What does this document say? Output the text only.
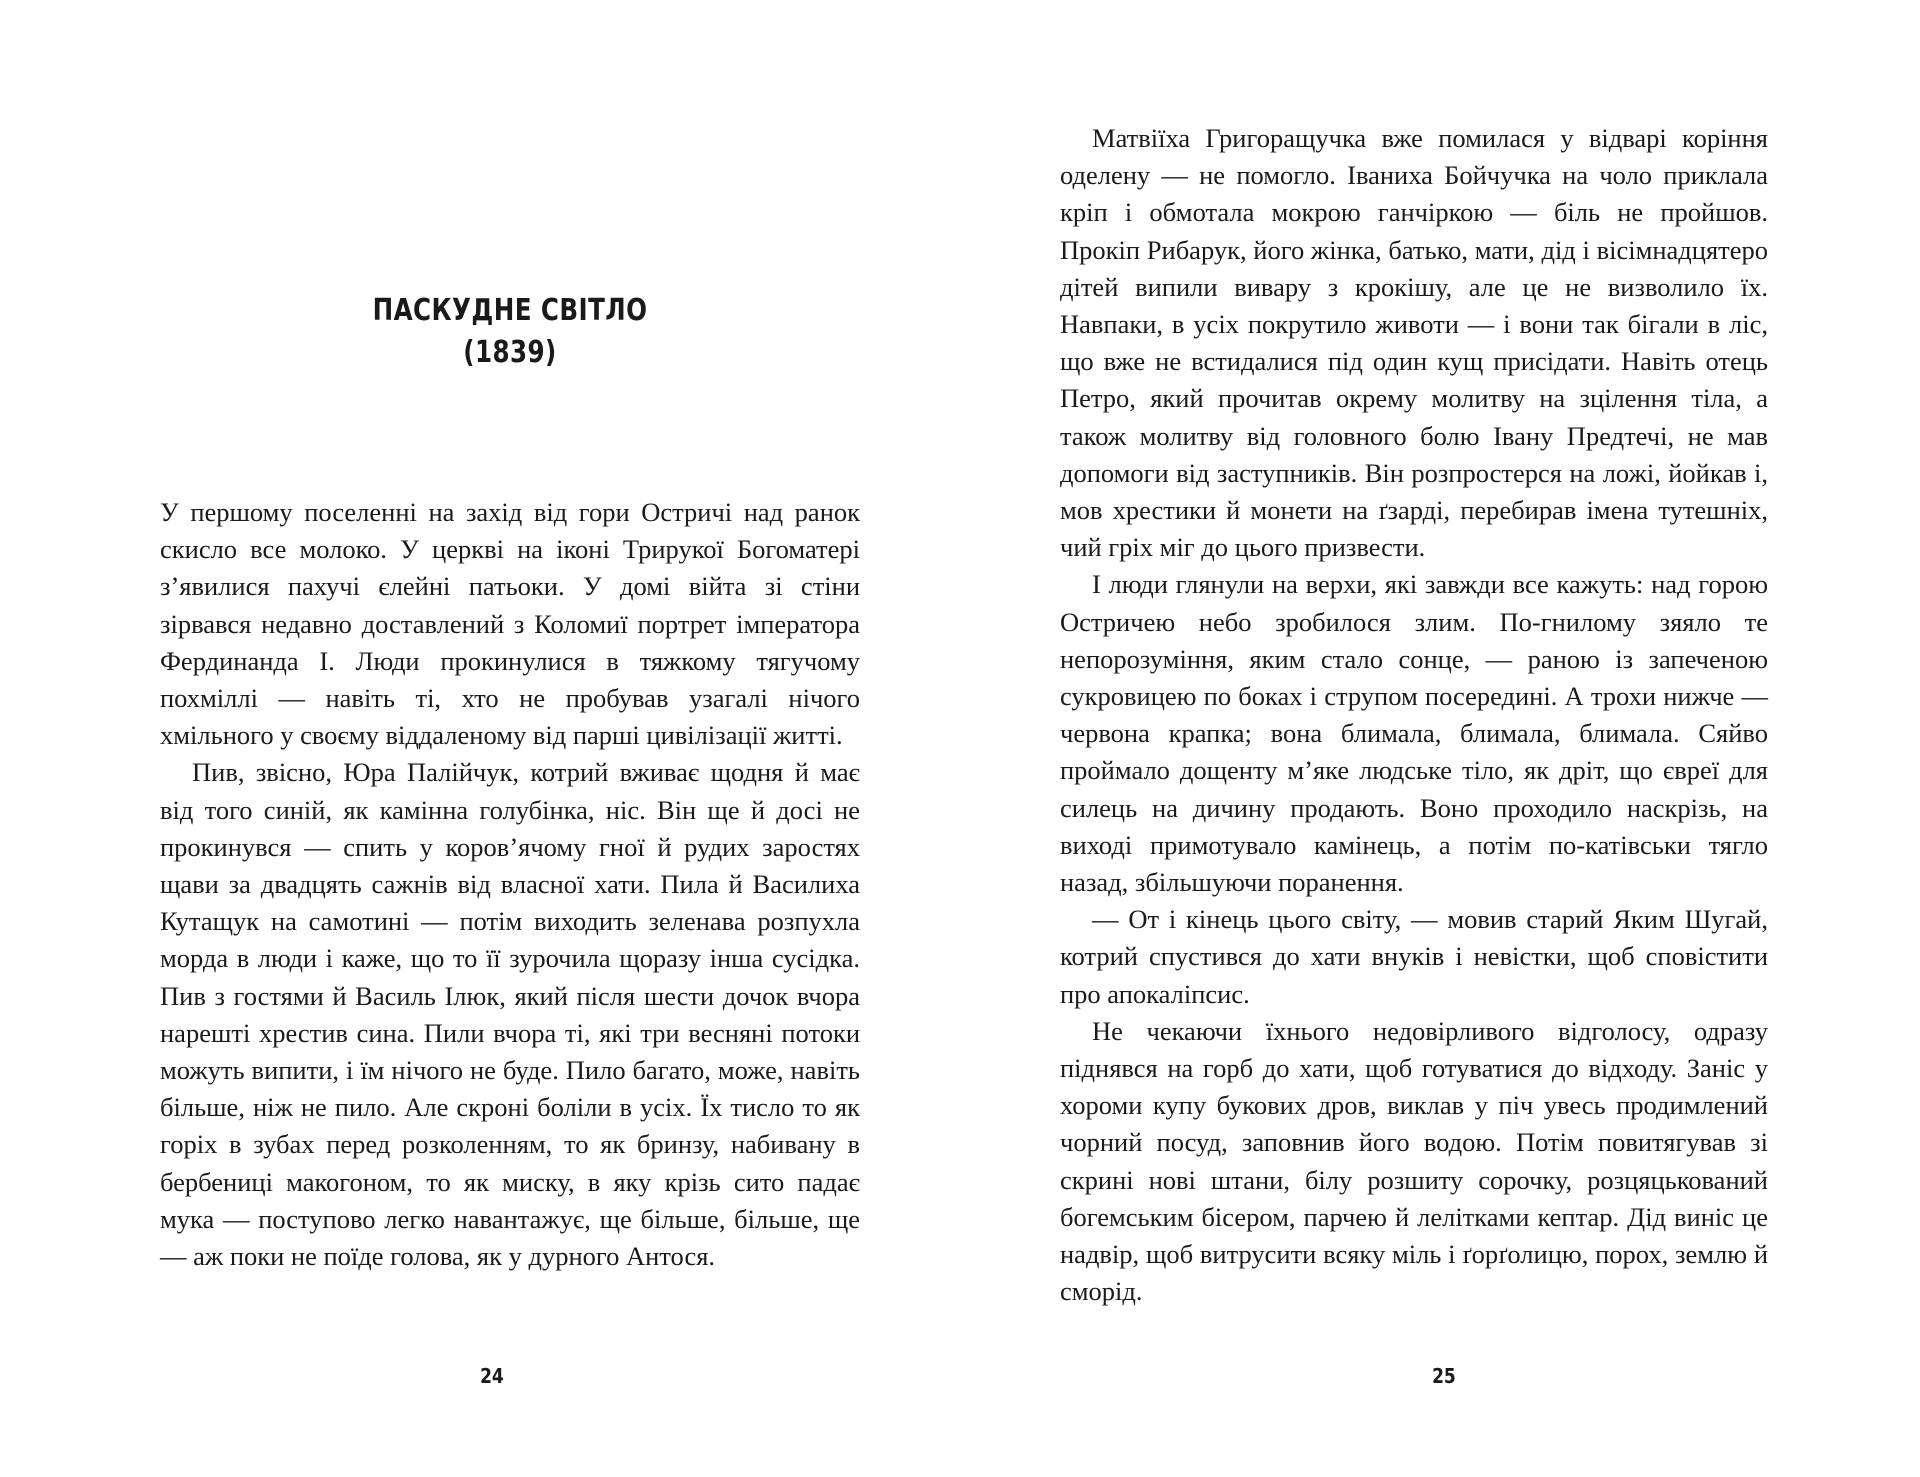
ПАСКУДНЕ СВІТЛО
(1839)

У першому поселенні на захід від гори Остричі над ранок скисло все молоко. У церкві на іконі Трирукої Богоматері з’явилися пахучі єлейні патьоки. У домі війта зі стіни зірвався недавно доставлений з Коломиї портрет імператора Фердинанда І. Люди прокинулися в тяжкому тягучому похміллі — навіть ті, хто не пробував узагалі нічого хмільного у своєму віддаленому від парші цивілізації житті.

Пив, звісно, Юра Палійчук, котрий вживає щодня й має від того синій, як камінна голубінка, ніс. Він ще й досі не прокинувся — спить у коров’ячому гної й рудих заростях щави за двадцять сажнів від власної хати. Пила й Василиха Кутащук на самотині — потім виходить зеленава розпухла морда в люди і каже, що то її зурочила щоразу інша сусідка. Пив з гостями й Василь Ілюк, який після шести дочок вчора нарешті хрестив сина. Пили вчора ті, які три весняні потоки можуть випити, і їм нічого не буде. Пило багато, може, навіть більше, ніж не пило. Але скроні боліли в усіх. Їх тисло то як горіх в зубах перед розколенням, то як бринзу, набивану в бербениці макогоном, то як миску, в яку крізь сито падає мука — поступово легко навантажує, ще більше, більше, ще — аж поки не поїде голова, як у дурного Антося.

24

Матвіїха Григоращучка вже помилася у відварі коріння оделену — не помогло. Іваниха Бойчучка на чоло приклала кріп і обмотала мокрою ганчіркою — біль не пройшов. Прокіп Рибарук, його жінка, батько, мати, дід і вісімнадцятеро дітей випили вивару з крокішу, але це не визволило їх. Навпаки, в усіх покрутило животи — і вони так бігали в ліс, що вже не встидалися під один кущ присідати. Навіть отець Петро, який прочитав окрему молитву на зцілення тіла, а також молитву від головного болю Івану Предтечі, не мав допомоги від заступників. Він розпростерся на ложі, йойкав і, мов хрестики й монети на ґзарді, перебирав імена тутешніх, чий гріх міг до цього призвести.

І люди глянули на верхи, які завжди все кажуть: над горою Остричею небо зробилося злим. По-гнилому зяяло те непорозуміння, яким стало сонце, — раною із запеченою сукровицею по боках і струпом посередині. А трохи нижче — червона крапка; вона блимала, блимала, блимала. Сяйво проймало дощенту м’яке людське тіло, як дріт, що євреї для силець на дичину продають. Воно проходило наскрізь, на виході примотувало камінець, а потім по-катівськи тягло назад, збільшуючи поранення.

— От і кінець цього світу, — мовив старий Яким Шугай, котрий спустився до хати внуків і невістки, щоб сповістити про апокаліпсис.

Не чекаючи їхнього недовірливого відголосу, одразу піднявся на горб до хати, щоб готуватися до відходу. Заніс у хороми купу букових дров, виклав у піч увесь продимлений чорний посуд, заповнив його водою. Потім повитягував зі скрині нові штани, білу розшиту сорочку, розцяцькований богемським бісером, парчею й лелітками кептар. Дід виніс це надвір, щоб витрусити всяку міль і ґорґолицю, порох, землю й сморід.

25
